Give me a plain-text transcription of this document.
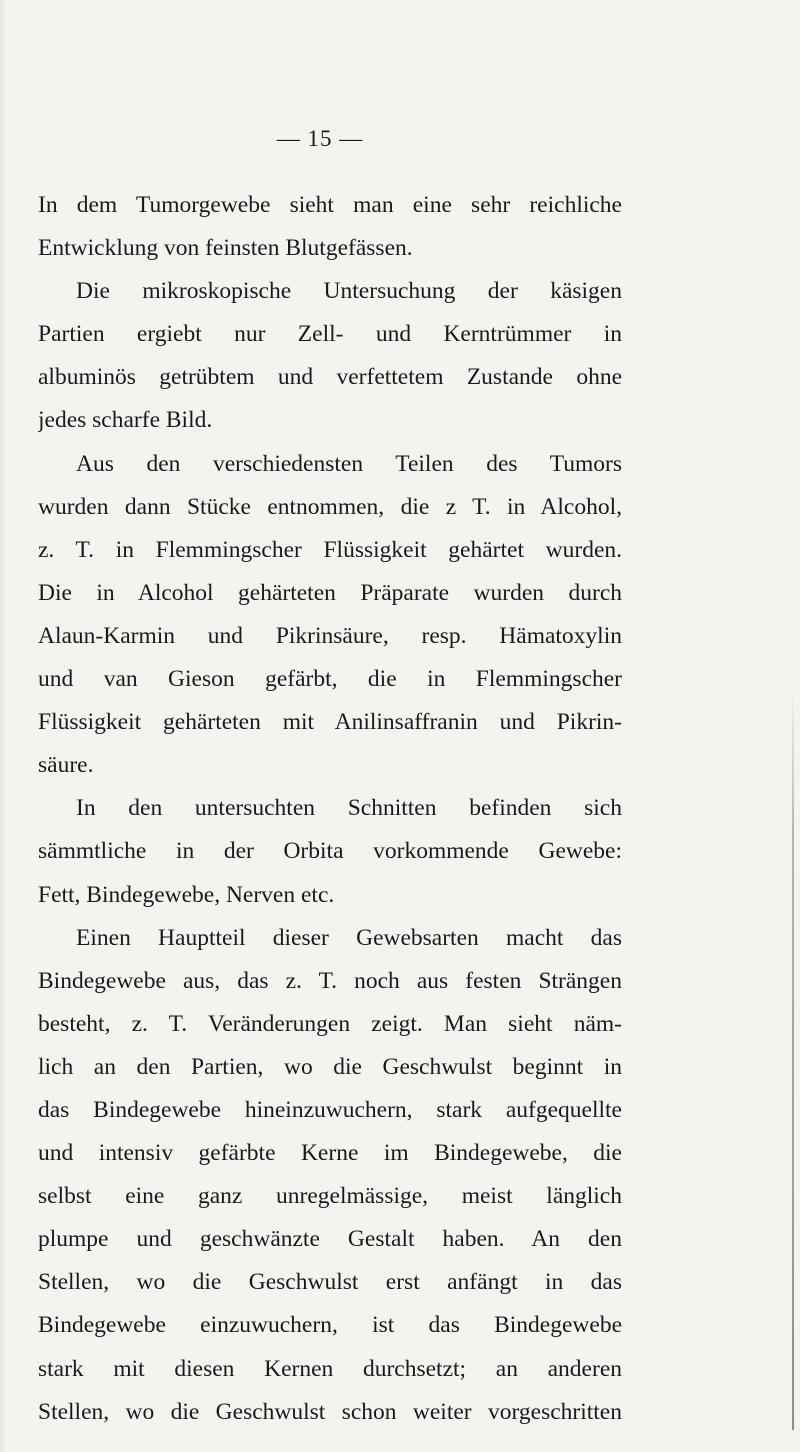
— 15 —
In dem Tumorgewebe sieht man eine sehr reichliche
Entwicklung von feinsten Blutgefässen.
Die mikroskopische Untersuchung der käsigen
Partien ergiebt nur Zell- und Kerntrümmer in
albuminös getrübtem und verfettetem Zustande ohne
jedes scharfe Bild.
Aus den verschiedensten Teilen des Tumors
wurden dann Stücke entnommen, die z T. in Alcohol,
z. T. in Flemmingscher Flüssigkeit gehärtet wurden.
Die in Alcohol gehärteten Präparate wurden durch
Alaun-Karmin und Pikrinsäure, resp. Hämatoxylin
und van Gieson gefärbt, die in Flemmingscher
Flüssigkeit gehärteten mit Anilinsaffranin und Pikrin-
säure.
In den untersuchten Schnitten befinden sich
sämmtliche in der Orbita vorkommende Gewebe:
Fett, Bindegewebe, Nerven etc.
Einen Hauptteil dieser Gewebsarten macht das
Bindegewebe aus, das z. T. noch aus festen Strängen
besteht, z. T. Veränderungen zeigt. Man sieht näm-
lich an den Partien, wo die Geschwulst beginnt in
das Bindegewebe hineinzuwuchern, stark aufgequellte
und intensiv gefärbte Kerne im Bindegewebe, die
selbst eine ganz unregelmässige, meist länglich
plumpe und geschwänzte Gestalt haben. An den
Stellen, wo die Geschwulst erst anfängt in das
Bindegewebe einzuwuchern, ist das Bindegewebe
stark mit diesen Kernen durchsetzt; an anderen
Stellen, wo die Geschwulst schon weiter vorgeschritten
